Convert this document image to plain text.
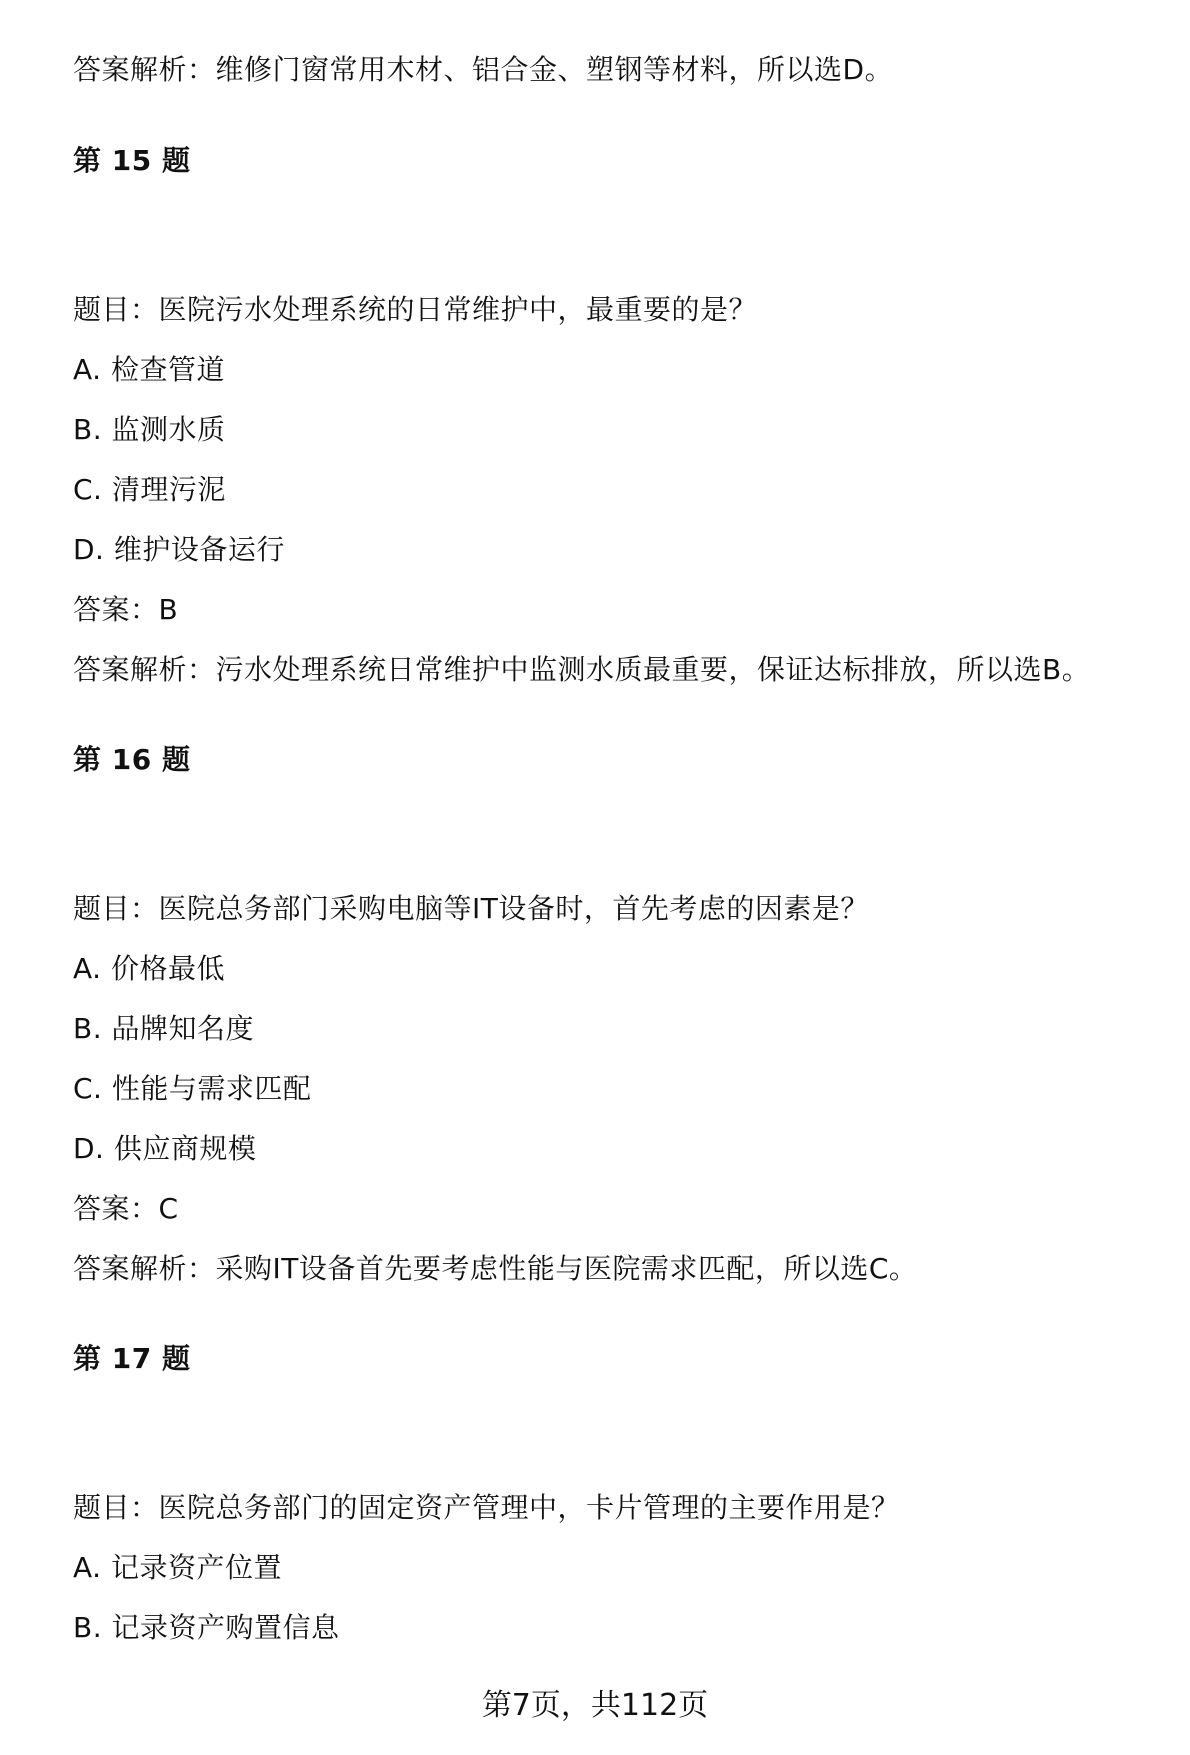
答案解析：维修门窗常用木材、铝合金、塑钢等材料，所以选D。
第 15 题
题目：医院污水处理系统的日常维护中，最重要的是？
A. 检查管道
B. 监测水质
C. 清理污泥
D. 维护设备运行
答案：B
答案解析：污水处理系统日常维护中监测水质最重要，保证达标排放，所以选B。
第 16 题
题目：医院总务部门采购电脑等IT设备时，首先考虑的因素是？
A. 价格最低
B. 品牌知名度
C. 性能与需求匹配
D. 供应商规模
答案：C
答案解析：采购IT设备首先要考虑性能与医院需求匹配，所以选C。
第 17 题
题目：医院总务部门的固定资产管理中，卡片管理的主要作用是？
A. 记录资产位置
B. 记录资产购置信息
第7页，共112页
